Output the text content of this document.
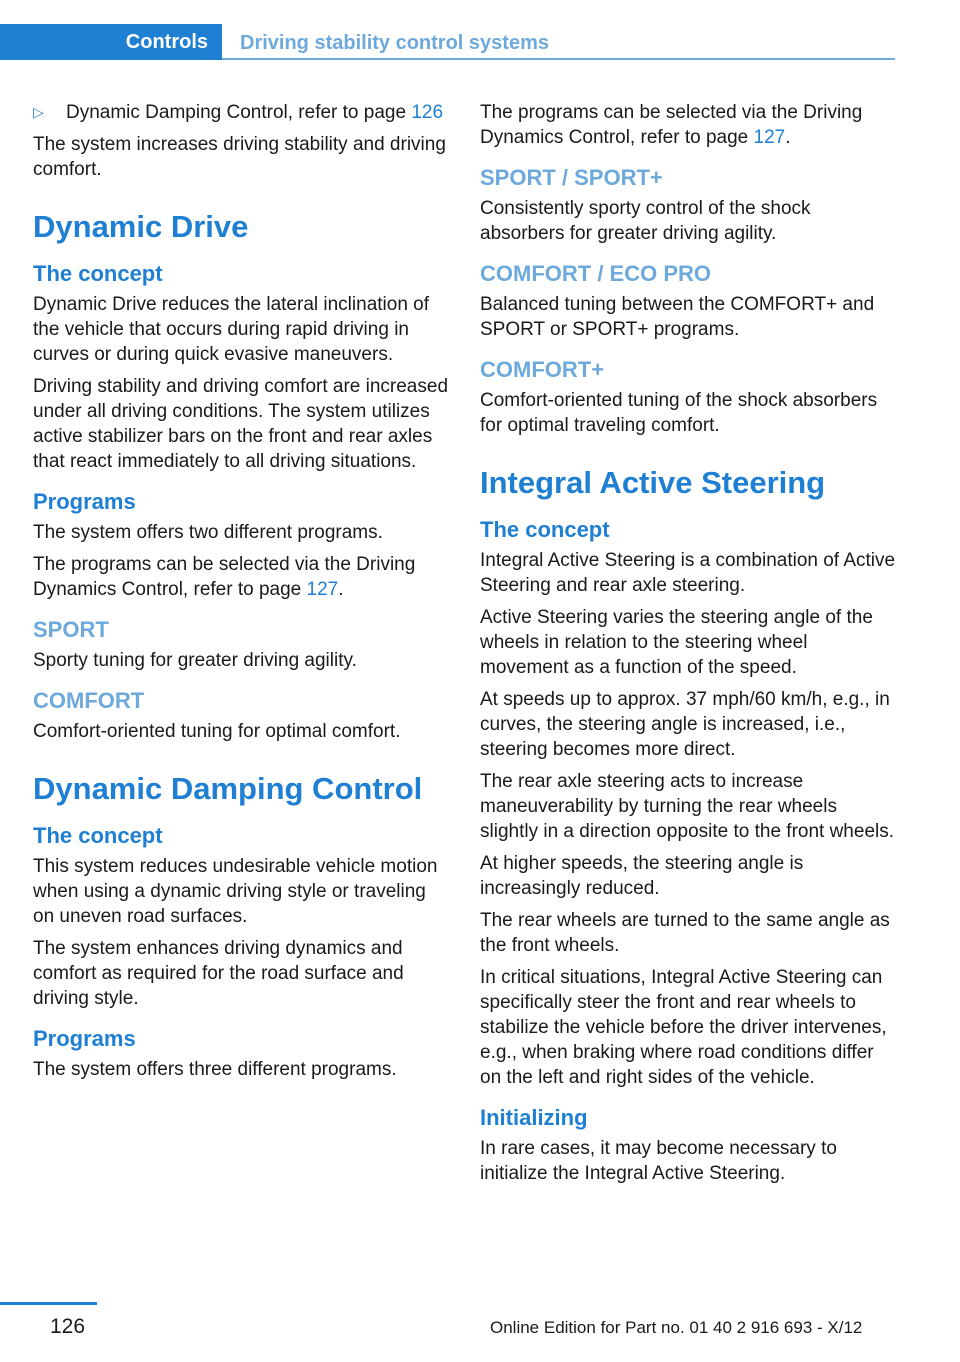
Controls Driving stability control systems
▷	Dynamic Damping Control, refer to page 126

The system increases driving stability and driving comfort.

Dynamic Drive
The concept

Dynamic Drive reduces the lateral inclination of the vehicle that occurs during rapid driving in curves or during quick evasive maneuvers.

Driving stability and driving comfort are increased under all driving conditions. The system utilizes active stabilizer bars on the front and rear axles that react immediately to all driving situations.

Programs

The system offers two different programs.

The programs can be selected via the Driving Dynamics Control, refer to page 127.

SPORT

Sporty tuning for greater driving agility.

COMFORT

Comfort-oriented tuning for optimal comfort.

Dynamic Damping Control
The concept

This system reduces undesirable vehicle motion when using a dynamic driving style or traveling on uneven road surfaces.

The system enhances driving dynamics and comfort as required for the road surface and driving style.

Programs

The system offers three different programs.

The programs can be selected via the Driving Dynamics Control, refer to page 127.

SPORT / SPORT+

Consistently sporty control of the shock absorbers for greater driving agility.

COMFORT / ECO PRO

Balanced tuning between the COMFORT+ and SPORT or SPORT+ programs.

COMFORT+

Comfort-oriented tuning of the shock absorbers for optimal traveling comfort.

Integral Active Steering
The concept

Integral Active Steering is a combination of Active Steering and rear axle steering.

Active Steering varies the steering angle of the wheels in relation to the steering wheel movement as a function of the speed.

At speeds up to approx. 37 mph/60 km/h, e.g., in curves, the steering angle is increased, i.e., steering becomes more direct.

The rear axle steering acts to increase maneuverability by turning the rear wheels slightly in a direction opposite to the front wheels.

At higher speeds, the steering angle is increasingly reduced.

The rear wheels are turned to the same angle as the front wheels.

In critical situations, Integral Active Steering can specifically steer the front and rear wheels to stabilize the vehicle before the driver intervenes, e.g., when braking where road conditions differ on the left and right sides of the vehicle.

Initializing

In rare cases, it may become necessary to initialize the Integral Active Steering.

126	Online Edition for Part no. 01 40 2 916 693 - X/12
